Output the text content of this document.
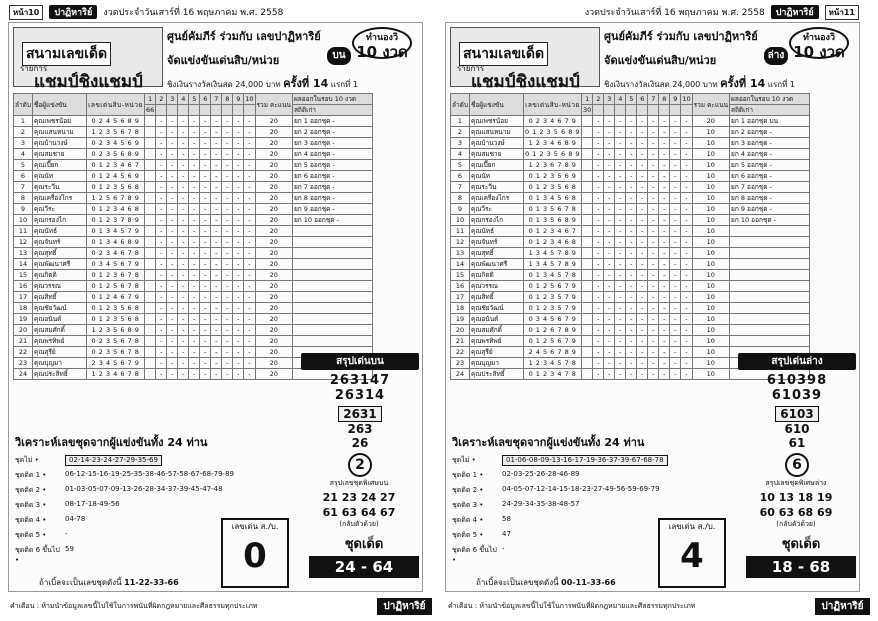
หน้า10	ปาฏิหาริย์	งวดประจำวันเสาร์ที่ 16 พฤษภาคม พ.ศ. 2558
สนามเลขเด็ด
รายการ
แชมป์ชิงแชมป์
ศูนย์คัมภีร์ ร่วมกับ เลขปาฏิหาริย์
จัดแข่งขันเด่นสิบ/หน่วย
ชิงเงินรางวัลเงินสด 24,000 บาท ครั้งที่ 14 แรกที่ 1
ทำนองวิ
10 งวด
บน
ลำดับ	ชื่อผู้แข่งขัน	เลขเด่นสิบ-หน่วย	1	2	3	4	5	6	7	8	9	10	รวม คะแนน	ผลออกในรอบ 10 งวด
			66											สถิติเก่า
1	คุณเพชรน้อย	0 2 4 5 6 8 9		-	-	-	-	-	-	-	-	-	20	ยก 1 ออกชุด -
2	คุณแสนหนาม	1 2 3 5 6 7 8		-	-	-	-	-	-	-	-	-	20	ยก 2 ออกชุด -
3	คุณบ้านวงษ์	0 2 3 4 5 6 9		-	-	-	-	-	-	-	-	-	20	ยก 3 ออกชุด -
4	คุณสมชาย	0 2 3 5 6 8 9		-	-	-	-	-	-	-	-	-	20	ยก 4 ออกชุด -
5	คุณเปี๊ยก	0 1 2 3 4 6 7		-	-	-	-	-	-	-	-	-	20	ยก 5 ออกชุด -
6	คุณนัท	0 1 2 4 5 6 9		-	-	-	-	-	-	-	-	-	20	ยก 6 ออกชุด -
7	คุณระวีน	0 1 2 3 5 6 8		-	-	-	-	-	-	-	-	-	20	ยก 7 ออกชุด -
8	คุณเครื่องไกร	1 2 5 6 7 8 9		-	-	-	-	-	-	-	-	-	20	ยก 8 ออกชุด -
9	คุณวีระ	0 1 2 3 4 6 8		-	-	-	-	-	-	-	-	-	20	ยก 9 ออกชุด -
10	คุณกรองไก	0 1 2 3 7 8 9		-	-	-	-	-	-	-	-	-	20	ยก 10 ออกชุด -
11	คุณนัทธ์	0 1 3 4 5 7 9		-	-	-	-	-	-	-	-	-	20	
12	คุณจันทร์	0 1 3 4 6 8 9		-	-	-	-	-	-	-	-	-	20	
13	คุณสุทธิ์	0 2 3 4 6 7 8		-	-	-	-	-	-	-	-	-	20	
14	คุณพัฒนาศรี	0 3 4 5 6 7 9		-	-	-	-	-	-	-	-	-	20	
15	คุณกิตติ	0 1 2 3 6 7 8		-	-	-	-	-	-	-	-	-	20	
16	คุณวรรณ	0 1 2 5 6 7 8		-	-	-	-	-	-	-	-	-	20	
17	คุณสิทธิ์	0 1 2 4 6 7 9		-	-	-	-	-	-	-	-	-	20	
18	คุณชัยวัฒน์	0 1 2 3 5 6 8		-	-	-	-	-	-	-	-	-	20	
19	คุณอนันต์	0 1 2 3 5 6 8		-	-	-	-	-	-	-	-	-	20	
20	คุณสมศักดิ์	1 2 3 5 6 8 9		-	-	-	-	-	-	-	-	-	20	
21	คุณพรทิพย์	0 2 3 5 6 7 8		-	-	-	-	-	-	-	-	-	20	
22	คุณสุรีย์	0 2 3 5 6 7 8		-	-	-	-	-	-	-	-	-	20	
23	คุณบุญมา	2 3 4 5 6 7 9		-	-	-	-	-	-	-	-	-	20	
24	คุณประสิทธิ์	1 2 3 4 6 7 8		-	-	-	-	-	-	-	-	-	20	
สรุปเด่นบน
263147
26314
2631
263
26
2
วิเคราะห์เลขชุดจากผู้แข่งขันทั้ง 24 ท่าน
ชุดไม่ •	02-14-23-24-27-29-35-69
ชุดติด 1 •	06-12-15-16-19-25-35-38-46-57-58-67-68-79-89
ชุดติด 2 •	01-03-05-07-09-13-26-28-34-37-39-45-47-48
ชุดติด 3 •	08-17-18-49-56
ชุดติด 4 •	04-78
ชุดติด 5 •	-
ชุดติด 6 ขึ้นไป •
59
สรุปเลขชุดพิเศษบน
21 23 24 27
61 63 64 67
(กลับตัวด้วย)
เลขเด่น ส./บ.
0	ชุดเด็ด
24 - 64
ถ้าเบิ้ลจะเป็นเลขชุดดังนี้ 11-22-33-66
งวดประจำวันเสาร์ที่ 16 พฤษภาคม พ.ศ. 2558	ปาฏิหาริย์	หน้า11
สนามเลขเด็ด
รายการ
แชมป์ชิงแชมป์
ศูนย์คัมภีร์ ร่วมกับ เลขปาฏิหาริย์
จัดแข่งขันเด่นสิบ/หน่วย
ชิงเงินรางวัลเงินสด 24,000 บาท ครั้งที่ 14 แรกที่ 1
ทำนองวิ
10 งวด
ล่าง
ลำดับ	ชื่อผู้แข่งขัน	เลขเด่นสิบ-หน่วย	1	2	3	4	5	6	7	8	9	10	รวม คะแนน	ผลออกในรอบ 10 งวด
			30											สถิติเก่า
1	คุณเพชรน้อย	0 2 3 4 6 7 9		-	-	-	-	-	-	-	-	-	20	ยก 1 ออกชุด บน
2	คุณแสนหนาม	0 1 2 3 5 6 8 9		-	-	-	-	-	-	-	-	-	10	ยก 2 ออกชุด -
3	คุณบ้านวงษ์	1 2 3 4 6 8 9		-	-	-	-	-	-	-	-	-	10	ยก 3 ออกชุด -
4	คุณสมชาย	0 1 2 3 5 6 8 9		-	-	-	-	-	-	-	-	-	10	ยก 4 ออกชุด -
5	คุณเปี๊ยก	1 2 3 6 7 8 9		-	-	-	-	-	-	-	-	-	10	ยก 5 ออกชุด -
6	คุณนัท	0 1 2 3 5 6 9		-	-	-	-	-	-	-	-	-	10	ยก 6 ออกชุด -
7	คุณระวีน	0 1 2 3 5 6 8		-	-	-	-	-	-	-	-	-	10	ยก 7 ออกชุด -
8	คุณเครื่องไกร	0 1 3 4 5 6 8		-	-	-	-	-	-	-	-	-	10	ยก 8 ออกชุด -
9	คุณวีระ	0 1 3 5 6 7 8		-	-	-	-	-	-	-	-	-	10	ยก 9 ออกชุด -
10	คุณกรองไก	0 1 3 5 6 8 9		-	-	-	-	-	-	-	-	-	10	ยก 10 ออกชุด -
11	คุณนัทธ์	0 1 2 3 4 6 7		-	-	-	-	-	-	-	-	-	10	
12	คุณจันทร์	0 1 2 3 4 6 8		-	-	-	-	-	-	-	-	-	10	
13	คุณสุทธิ์	1 3 4 5 7 8 9		-	-	-	-	-	-	-	-	-	10	
14	คุณพัฒนาศรี	1 3 4 5 7 8 9		-	-	-	-	-	-	-	-	-	10	
15	คุณกิตติ	0 1 3 4 5 7 8		-	-	-	-	-	-	-	-	-	10	
16	คุณวรรณ	0 1 2 5 6 7 9		-	-	-	-	-	-	-	-	-	10	
17	คุณสิทธิ์	0 1 2 3 5 7 9		-	-	-	-	-	-	-	-	-	10	
18	คุณชัยวัฒน์	0 1 2 3 5 7 9		-	-	-	-	-	-	-	-	-	10	
19	คุณอนันต์	0 3 4 5 6 7 9		-	-	-	-	-	-	-	-	-	10	
20	คุณสมศักดิ์	0 1 2 6 7 8 9		-	-	-	-	-	-	-	-	-	10	
21	คุณพรทิพย์	0 1 2 5 6 7 9		-	-	-	-	-	-	-	-	-	10	
22	คุณสุรีย์	2 4 5 6 7 8 9		-	-	-	-	-	-	-	-	-	10	
23	คุณบุญมา	1 2 3 4 5 7 8		-	-	-	-	-	-	-	-	-	10	
24	คุณประสิทธิ์	0 1 2 3 4 7 8		-	-	-	-	-	-	-	-	-	10	
สรุปเด่นล่าง
610398
61039
6103
610
61
6
วิเคราะห์เลขชุดจากผู้แข่งขันทั้ง 24 ท่าน
ชุดไม่ •	01-06-08-09-13-16-17-19-36-37-39-67-68-78
ชุดติด 1 •	02-03-25-26-28-46-89
ชุดติด 2 •	04-05-07-12-14-15-18-23-27-49-56-59-69-79
ชุดติด 3 •	24-29-34-35-38-48-57
ชุดติด 4 •	58
ชุดติด 5 •	47
ชุดติด 6 ขึ้นไป •
-
สรุปเลขชุดพิเศษล่าง
10 13 18 19
60 63 68 69
(กลับตัวด้วย)
เลขเด่น ส./บ.
4	ชุดเด็ด
18 - 68
ถ้าเบิ้ลจะเป็นเลขชุดดังนี้ 00-11-33-66
คำเตือน : ห้ามนำข้อมูลเลขนี้ไปใช้ในการพนันที่ผิดกฎหมายและศีลธรรมทุกประเภท	ปาฏิหาริย์	คำเตือน : ห้ามนำข้อมูลเลขนี้ไปใช้ในการพนันที่ผิดกฎหมายและศีลธรรมทุกประเภท	ปาฏิหาริย์
